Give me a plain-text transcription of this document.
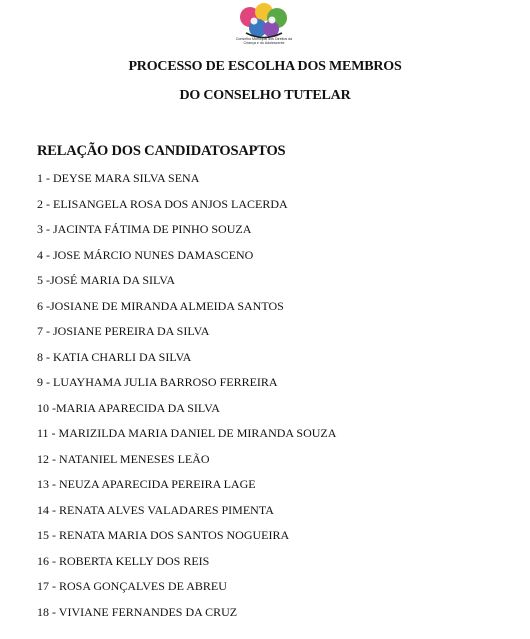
Conselho Municipal dos Direitos da
Criança e do Adolescente
PROCESSO DE ESCOLHA DOS MEMBROS
DO CONSELHO TUTELAR
RELAÇÃO DOS CANDIDATOSAPTOS
1 - DEYSE MARA SILVA SENA
2 - ELISANGELA ROSA DOS ANJOS LACERDA
3 - JACINTA FÁTIMA DE PINHO SOUZA
4 - JOSE MÁRCIO NUNES DAMASCENO
5 -JOSÉ MARIA DA SILVA
6 -JOSIANE DE MIRANDA ALMEIDA SANTOS
7 - JOSIANE PEREIRA DA SILVA
8 - KATIA CHARLI DA SILVA
9 - LUAYHAMA JULIA BARROSO FERREIRA
10 -MARIA APARECIDA DA SILVA
11 - MARIZILDA MARIA DANIEL DE MIRANDA SOUZA
12 - NATANIEL MENESES LEÃO
13 - NEUZA APARECIDA PEREIRA LAGE
14 - RENATA ALVES VALADARES PIMENTA
15 - RENATA MARIA DOS SANTOS NOGUEIRA
16 - ROBERTA KELLY DOS REIS
17 - ROSA GONÇALVES DE ABREU
18 - VIVIANE FERNANDES DA CRUZ
